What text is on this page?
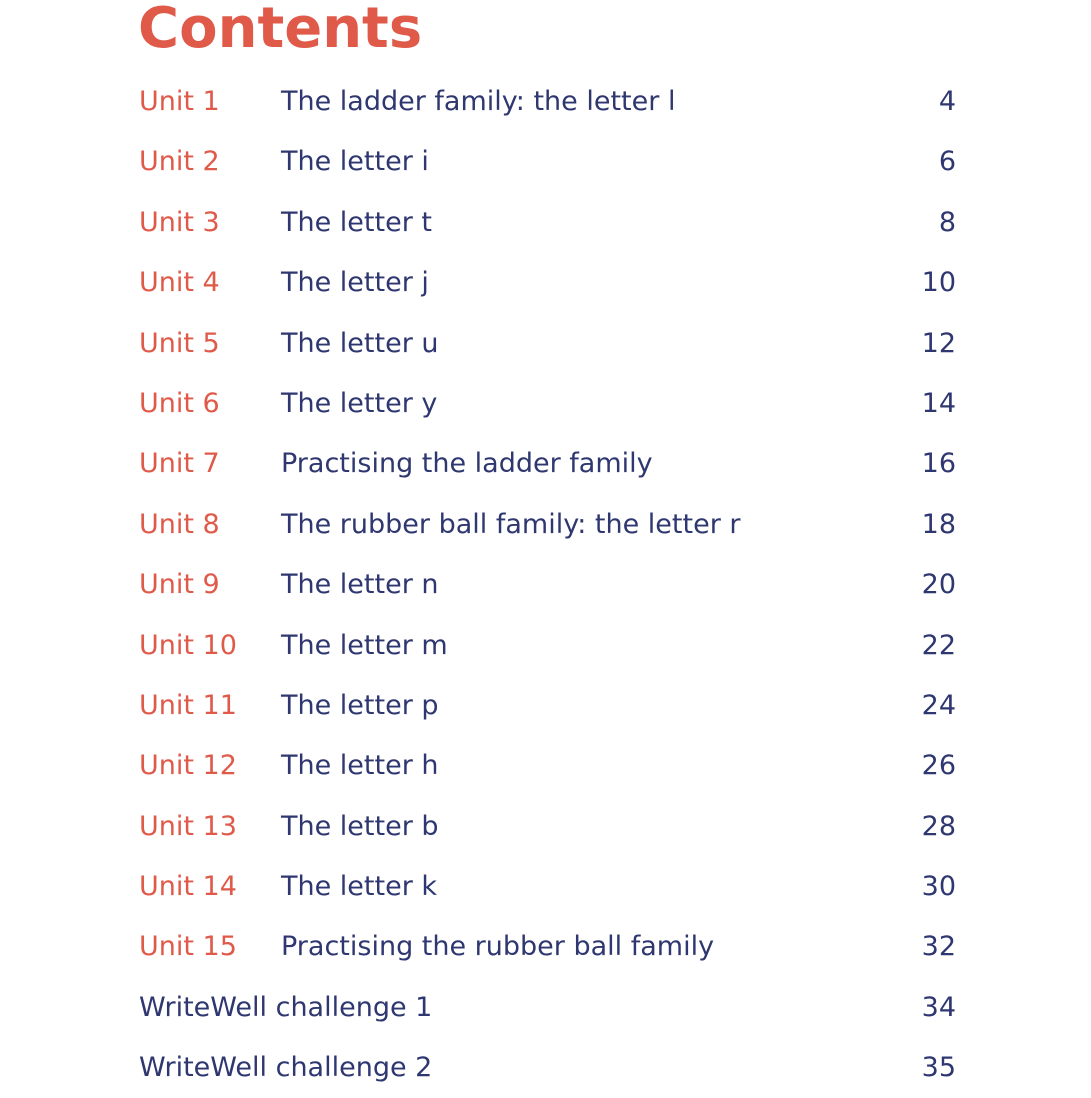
Contents
Unit 1 The ladder family: the letter l	4
Unit 2 The letter i	6
Unit 3 The letter t	8
Unit 4 The letter j	10
Unit 5 The letter u	12
Unit 6 The letter y	14
Unit 7 Practising the ladder family	16
Unit 8 The rubber ball family: the letter r	18
Unit 9 The letter n	20
Unit 10 The letter m	22
Unit 11 The letter p	24
Unit 12 The letter h	26
Unit 13 The letter b	28
Unit 14 The letter k	30
Unit 15 Practising the rubber ball family	32
WriteWell challenge 1	34
WriteWell challenge 2	35
